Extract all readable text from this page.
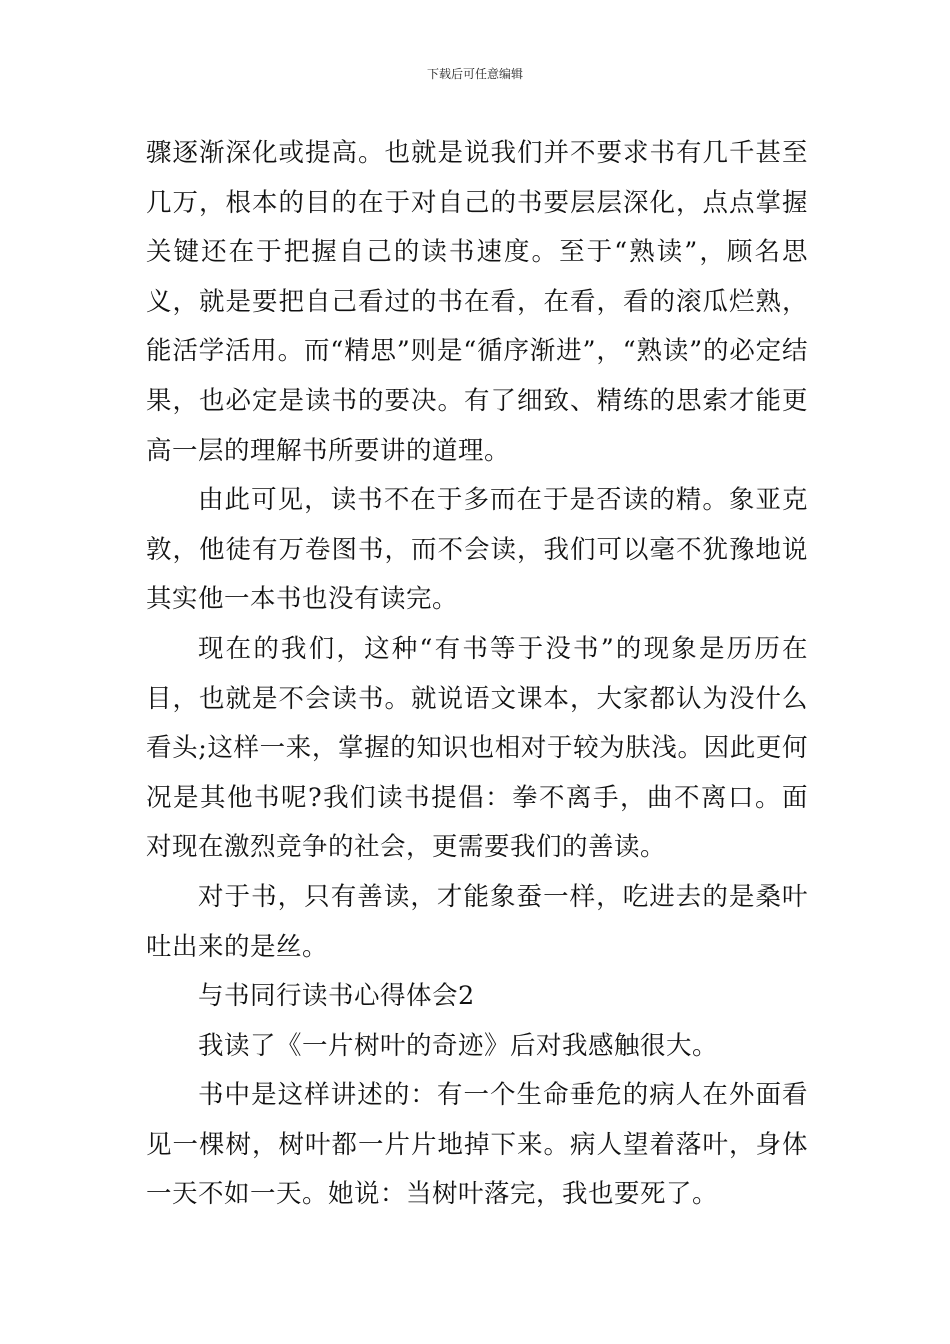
下载后可任意编辑

骤逐渐深化或提高。也就是说我们并不要求书有几千甚至几万，根本的目的在于对自己的书要层层深化，点点掌握关键还在于把握自己的读书速度。至于“熟读”，顾名思义，就是要把自己看过的书在看，在看，看的滚瓜烂熟，能活学活用。而“精思”则是“循序渐进”，“熟读”的必定结果，也必定是读书的要决。有了细致、精练的思索才能更高一层的理解书所要讲的道理。

由此可见，读书不在于多而在于是否读的精。象亚克敦，他徒有万卷图书，而不会读，我们可以毫不犹豫地说其实他一本书也没有读完。

现在的我们，这种“有书等于没书”的现象是历历在目，也就是不会读书。就说语文课本，大家都认为没什么看头;这样一来，掌握的知识也相对于较为肤浅。因此更何况是其他书呢?我们读书提倡：拳不离手，曲不离口。面对现在激烈竞争的社会，更需要我们的善读。

对于书，只有善读，才能象蚕一样，吃进去的是桑叶吐出来的是丝。

与书同行读书心得体会2

我读了《一片树叶的奇迹》后对我感触很大。

书中是这样讲述的：有一个生命垂危的病人在外面看见一棵树，树叶都一片片地掉下来。病人望着落叶，身体一天不如一天。她说：当树叶落完，我也要死了。
